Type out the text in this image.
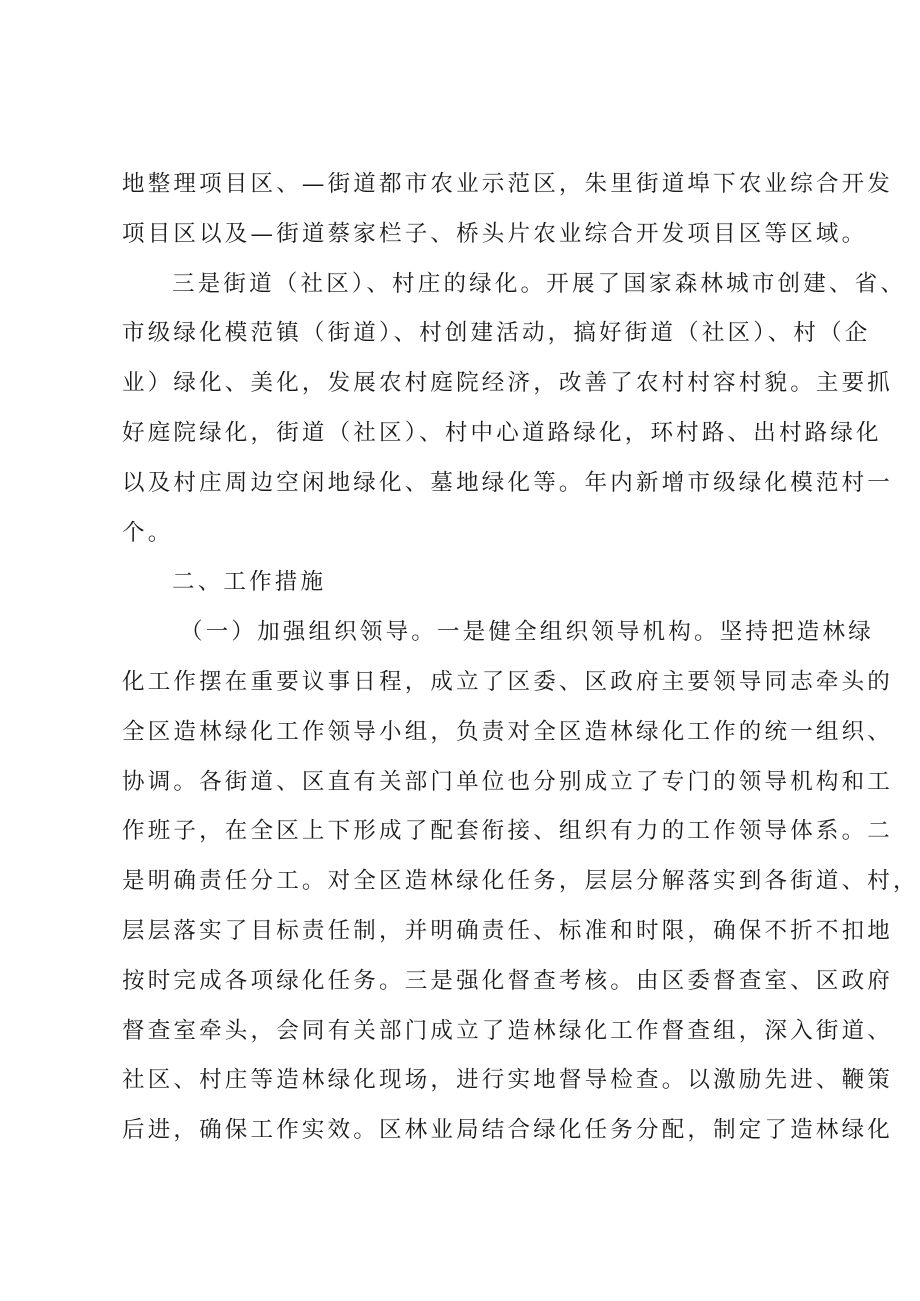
地整理项目区、—街道都市农业示范区，朱里街道埠下农业综合开发
项目区以及—街道蔡家栏子、桥头片农业综合开发项目区等区域。
三是街道（社区）、村庄的绿化。开展了国家森林城市创建、省、
市级绿化模范镇（街道）、村创建活动，搞好街道（社区）、村（企
业）绿化、美化，发展农村庭院经济，改善了农村村容村貌。主要抓
好庭院绿化，街道（社区）、村中心道路绿化，环村路、出村路绿化
以及村庄周边空闲地绿化、墓地绿化等。年内新增市级绿化模范村一
个。
二、工作措施
（一）加强组织领导。一是健全组织领导机构。坚持把造林绿
化工作摆在重要议事日程，成立了区委、区政府主要领导同志牵头的
全区造林绿化工作领导小组，负责对全区造林绿化工作的统一组织、
协调。各街道、区直有关部门单位也分别成立了专门的领导机构和工
作班子，在全区上下形成了配套衔接、组织有力的工作领导体系。二
是明确责任分工。对全区造林绿化任务，层层分解落实到各街道、村，
层层落实了目标责任制，并明确责任、标准和时限，确保不折不扣地
按时完成各项绿化任务。三是强化督查考核。由区委督查室、区政府
督查室牵头，会同有关部门成立了造林绿化工作督查组，深入街道、
社区、村庄等造林绿化现场，进行实地督导检查。以激励先进、鞭策
后进，确保工作实效。区林业局结合绿化任务分配，制定了造林绿化
